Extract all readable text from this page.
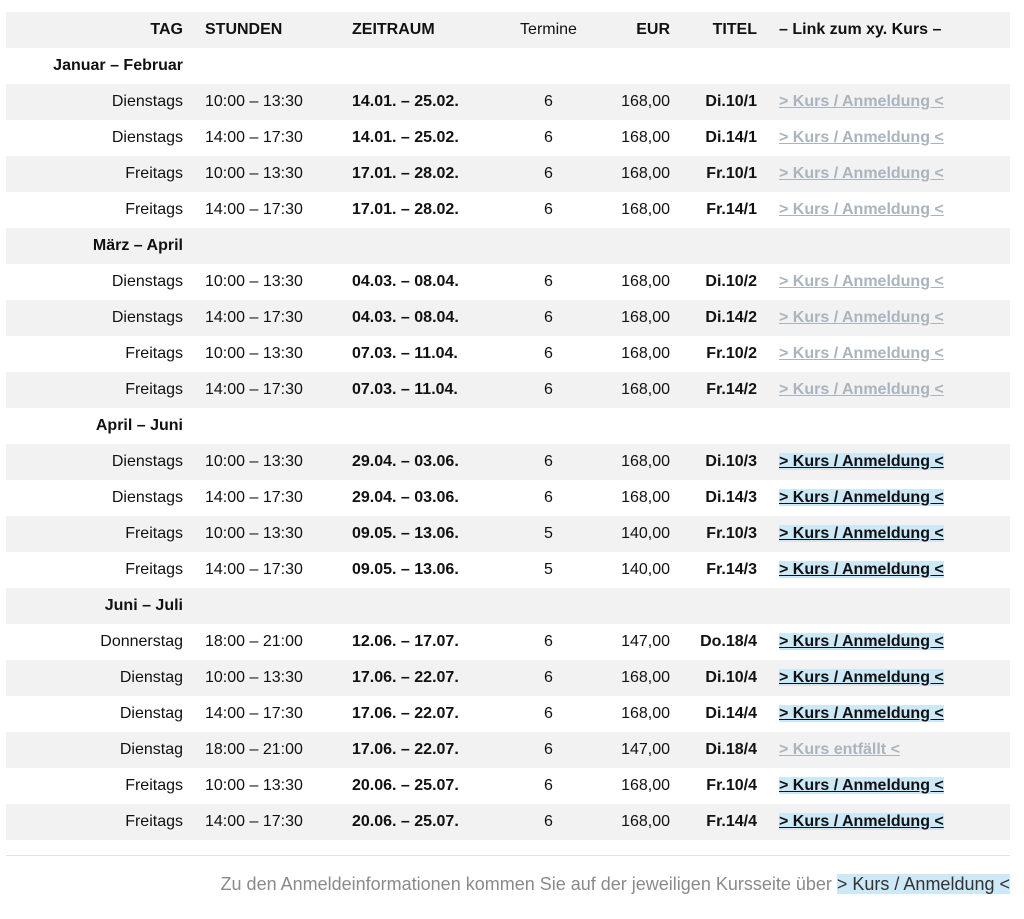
TAG	STUNDEN	ZEITRAUM	Termine	EUR	TITEL	– Link zum xy. Kurs –
Januar – Februar						
Dienstags	10:00 – 13:30	14.01. – 25.02.	6	168,00	Di.10/1	> Kurs / Anmeldung <
Dienstags	14:00 – 17:30	14.01. – 25.02.	6	168,00	Di.14/1	> Kurs / Anmeldung <
Freitags	10:00 – 13:30	17.01. – 28.02.	6	168,00	Fr.10/1	> Kurs / Anmeldung <
Freitags	14:00 – 17:30	17.01. – 28.02.	6	168,00	Fr.14/1	> Kurs / Anmeldung <
März – April						
Dienstags	10:00 – 13:30	04.03. – 08.04.	6	168,00	Di.10/2	> Kurs / Anmeldung <
Dienstags	14:00 – 17:30	04.03. – 08.04.	6	168,00	Di.14/2	> Kurs / Anmeldung <
Freitags	10:00 – 13:30	07.03. – 11.04.	6	168,00	Fr.10/2	> Kurs / Anmeldung <
Freitags	14:00 – 17:30	07.03. – 11.04.	6	168,00	Fr.14/2	> Kurs / Anmeldung <
April – Juni						
Dienstags	10:00 – 13:30	29.04. – 03.06.	6	168,00	Di.10/3	> Kurs / Anmeldung <
Dienstags	14:00 – 17:30	29.04. – 03.06.	6	168,00	Di.14/3	> Kurs / Anmeldung <
Freitags	10:00 – 13:30	09.05. – 13.06.	5	140,00	Fr.10/3	> Kurs / Anmeldung <
Freitags	14:00 – 17:30	09.05. – 13.06.	5	140,00	Fr.14/3	> Kurs / Anmeldung <
Juni – Juli						
Donnerstag	18:00 – 21:00	12.06. – 17.07.	6	147,00	Do.18/4	> Kurs / Anmeldung <
Dienstag	10:00 – 13:30	17.06. – 22.07.	6	168,00	Di.10/4	> Kurs / Anmeldung <
Dienstag	14:00 – 17:30	17.06. – 22.07.	6	168,00	Di.14/4	> Kurs / Anmeldung <
Dienstag	18:00 – 21:00	17.06. – 22.07.	6	147,00	Di.18/4	> Kurs entfällt <
Freitags	10:00 – 13:30	20.06. – 25.07.	6	168,00	Fr.10/4	> Kurs / Anmeldung <
Freitags	14:00 – 17:30	20.06. – 25.07.	6	168,00	Fr.14/4	> Kurs / Anmeldung <
Zu den Anmeldeinformationen kommen Sie auf der jeweiligen Kursseite über > Kurs / Anmeldung <
